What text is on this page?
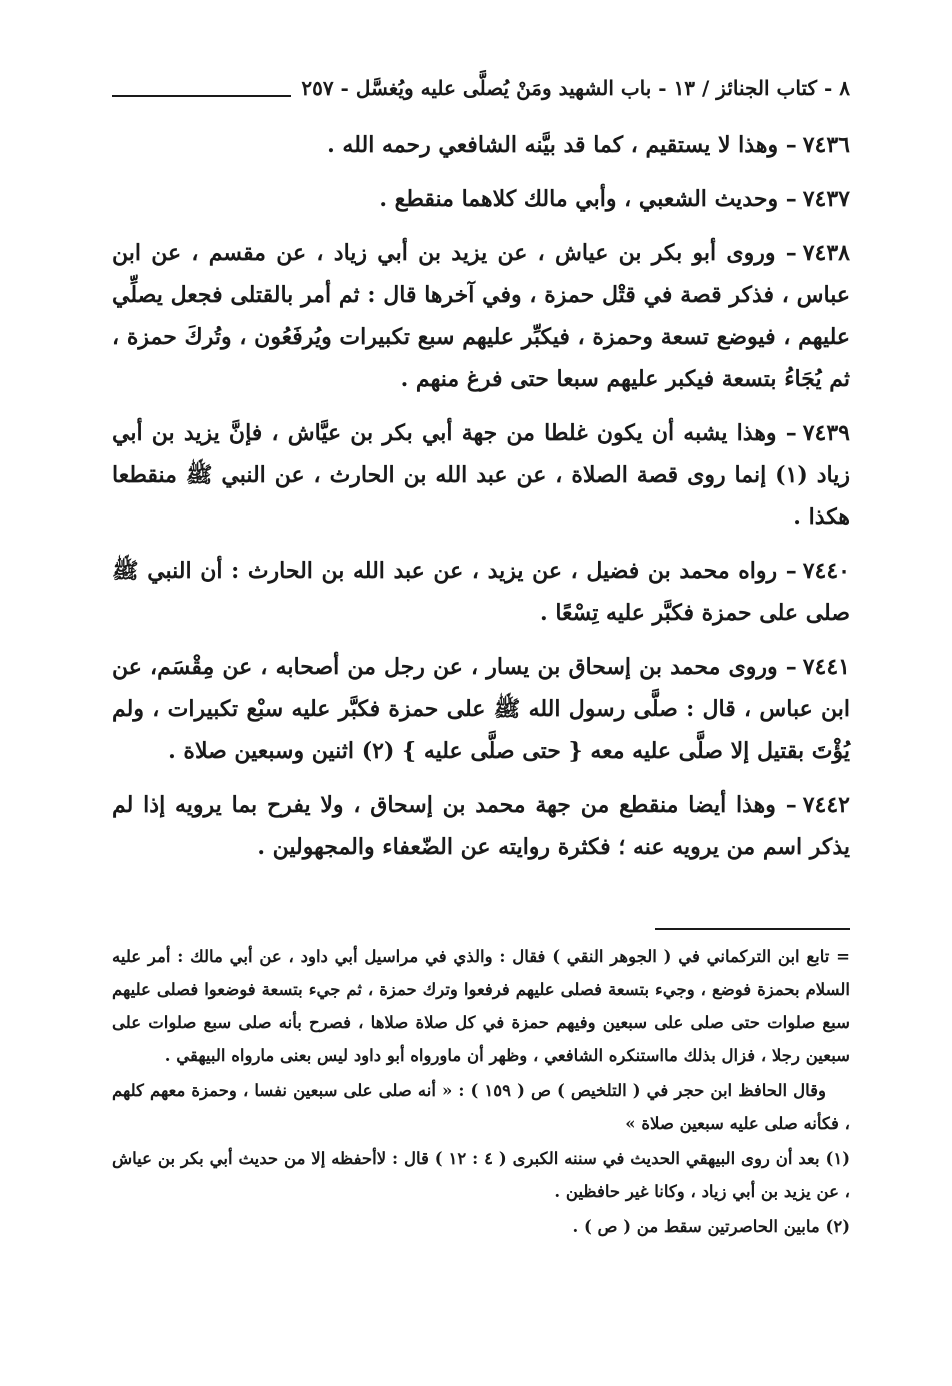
٨ - كتاب الجنائز / ١٣ - باب الشهيد ومَنْ يُصلَّى عليه ويُغسَّل
-
٢٥٧

٧٤٣٦– وهذا لا يستقيم ، كما قد بيَّنه الشافعي رحمه الله .

٧٤٣٧– وحديث الشعبي ، وأبي مالك كلاهما منقطع .

٧٤٣٨– وروى أبو بكر بن عياش ، عن يزيد بن أبي زياد ، عن مقسم ، عن ابن عباس ، فذكر قصة في قتْل حمزة ، وفي آخرها قال : ثم أمر بالقتلى فجعل يصلِّي عليهم ، فيوضع تسعة وحمزة ، فيكبِّر عليهم سبع تكبيرات ويُرفَعُون ، وتُركَ حمزة ، ثم يُجَاءُ بتسعة فيكبر عليهم سبعا حتى فرغ منهم .

٧٤٣٩– وهذا يشبه أن يكون غلطا من جهة أبي بكر بن عيَّاش ، فإنَّ يزيد بن أبي زياد (١) إنما روى قصة الصلاة ، عن عبد الله بن الحارث ، عن النبي ﷺ منقطعا هكذا .

٧٤٤٠– رواه محمد بن فضيل ، عن يزيد ، عن عبد الله بن الحارث : أن النبي ﷺ صلى على حمزة فكبَّر عليه تِسْعًا .

٧٤٤١– وروى محمد بن إسحاق بن يسار ، عن رجل من أصحابه ، عن مِقْسَم، عن ابن عباس ، قال : صلَّى رسول الله ﷺ على حمزة فكبَّر عليه سبْع تكبيرات ، ولم يُؤْتَ بقتيل إلا صلَّى عليه معه { حتى صلَّى عليه } (٢) اثنين وسبعين صلاة .

٧٤٤٢– وهذا أيضا منقطع من جهة محمد بن إسحاق ، ولا يفرح بما يرويه إذا لم يذكر اسم من يرويه عنه ؛ فكثرة روايته عن الضّعفاء والمجهولين .

= تابع ابن التركماني في ( الجوهر النقي ) فقال : والذي في مراسيل أبي داود ، عن أبي مالك : أمر عليه السلام بحمزة فوضع ، وجيء بتسعة فصلى عليهم فرفعوا وترك حمزة ، ثم جيء بتسعة فوضعوا فصلى عليهم سبع صلوات حتى صلى على سبعين وفيهم حمزة في كل صلاة صلاها ، فصرح بأنه صلى سبع صلوات على سبعين رجلا ، فزال بذلك مااستنكره الشافعي ، وظهر أن ماورواه أبو داود ليس بعنى مارواه البيهقي .

وقال الحافظ ابن حجر في ( التلخيص ) ص ( ١٥٩ ) : « أنه صلى على سبعين نفسا ، وحمزة معهم كلهم ، فكأنه صلى عليه سبعين صلاة »

(١) بعد أن روى البيهقي الحديث في سننه الكبرى ( ٤ : ١٢ ) قال : لاأحفظه إلا من حديث أبي بكر بن عياش ، عن يزيد بن أبي زياد ، وكانا غير حافظين .

(٢) مابين الحاصرتين سقط من ( ص ) .
